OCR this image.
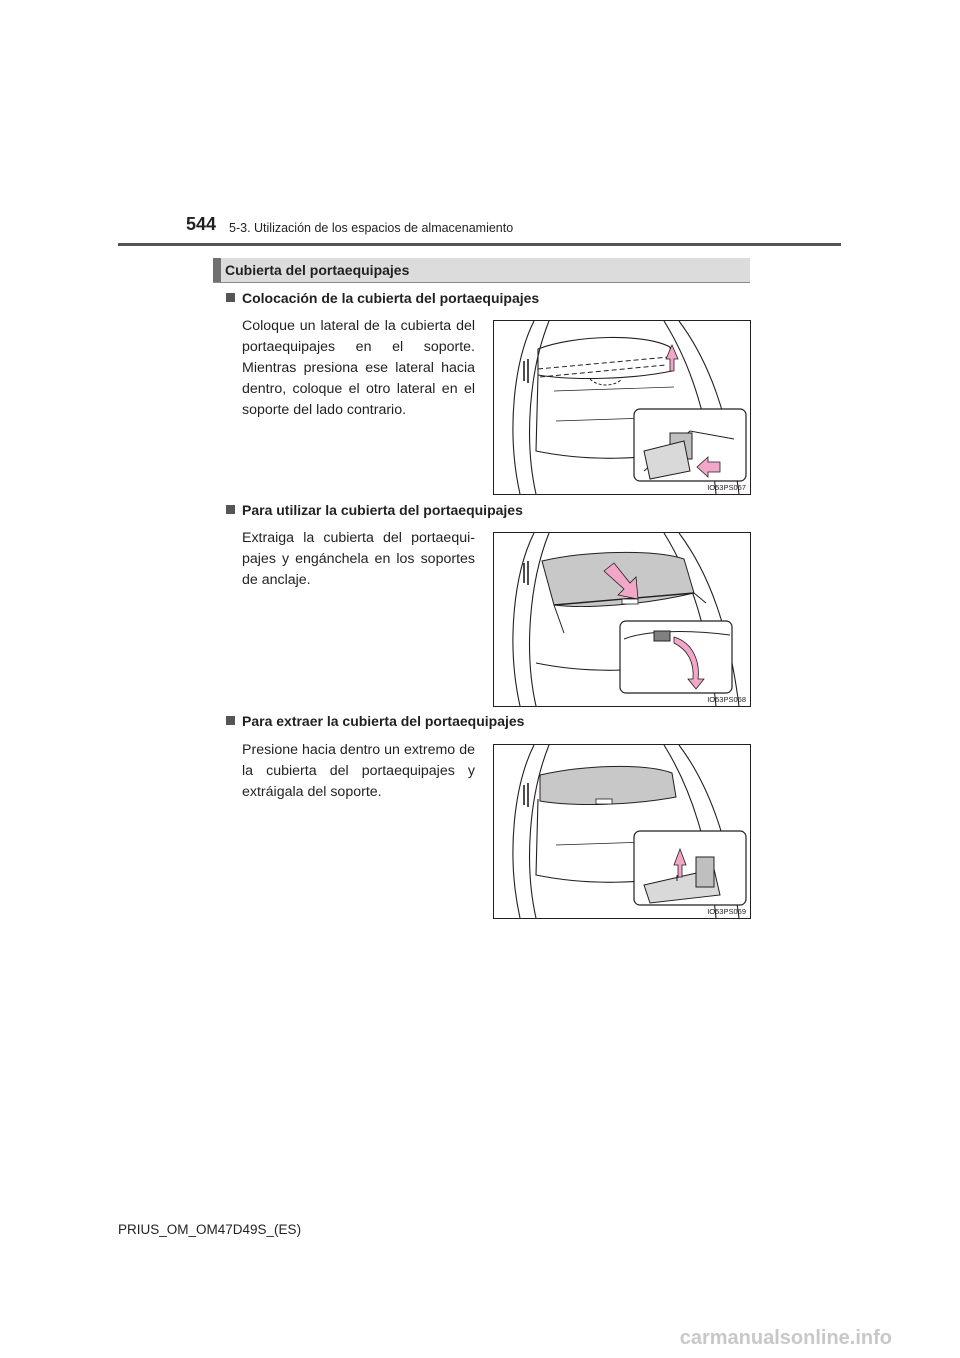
544 5-3. Utilización de los espacios de almacenamiento
Cubierta del portaequipajes
Colocación de la cubierta del portaequipajes
Coloque un lateral de la cubierta del portaequipajes en el soporte. Mientras presiona ese lateral hacia dentro, coloque el otro lateral en el soporte del lado contrario.
IO53PS067
Para utilizar la cubierta del portaequipajes
Extraiga la cubierta del portaequipajes y engánchela en los soportes de anclaje.
IO53PS068
Para extraer la cubierta del portaequipajes
Presione hacia dentro un extremo de la cubierta del portaequipajes y extráigala del soporte.
IO53PS069
PRIUS_OM_OM47D49S_(ES)
carmanualsonline.info
